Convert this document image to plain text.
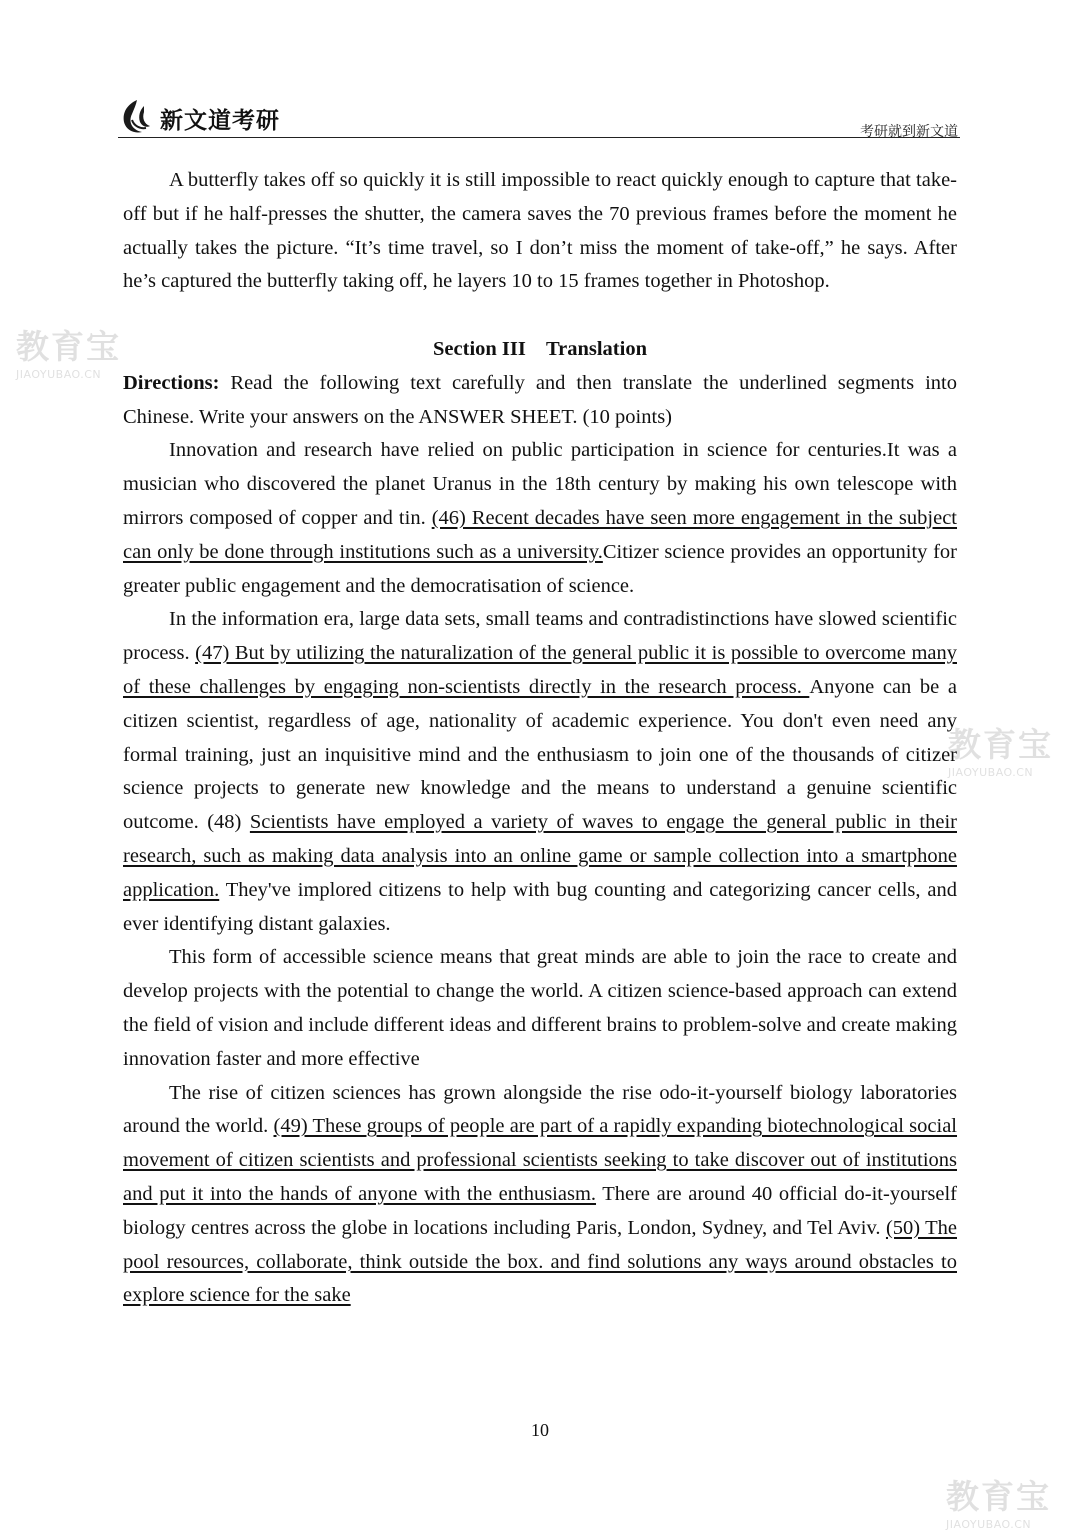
新文道考研	考研就到新文道
教育宝
JIAOYUBAO.CN
教育宝
JIAOYUBAO.CN
教育宝
JIAOYUBAO.CN

A butterfly takes off so quickly it is still impossible to react quickly enough to capture that take-off but if he half-presses the shutter, the camera saves the 70 previous frames before the moment he actually takes the picture. “It’s time travel, so I don’t miss the moment of take-off,” he says. After he’s captured the butterfly taking off, he layers 10 to 15 frames together in Photoshop.

Section III    Translation

Directions: Read the following text carefully and then translate the underlined segments into Chinese. Write your answers on the ANSWER SHEET. (10 points)

Innovation and research have relied on public participation in science for centuries.It was a musician who discovered the planet Uranus in the 18th century by making his own telescope with mirrors composed of copper and tin. (46) Recent decades have seen more engagement in the subject can only be done through institutions such as a university.Citizer science provides an opportunity for greater public engagement and the democratisation of science.

In the information era, large data sets, small teams and contradistinctions have slowed scientific process. (47) But by utilizing the naturalization of the general public it is possible to overcome many of these challenges by engaging non-scientists directly in the research process. Anyone can be a citizen scientist, regardless of age, nationality of academic experience. You don't even need any formal training, just an inquisitive mind and the enthusiasm to join one of the thousands of citizer science projects to generate new knowledge and the means to understand a genuine scientific outcome. (48) Scientists have employed a variety of waves to engage the general public in their research, such as making data analysis into an online game or sample collection into a smartphone application. They've implored citizens to help with bug counting and categorizing cancer cells, and ever identifying distant galaxies.

This form of accessible science means that great minds are able to join the race to create and develop projects with the potential to change the world. A citizen science-based approach can extend the field of vision and include different ideas and different brains to problem-solve and create making innovation faster and more effective

The rise of citizen sciences has grown alongside the rise odo-it-yourself biology laboratories around the world. (49) These groups of people are part of a rapidly expanding biotechnological social movement of citizen scientists and professional scientists seeking to take discover out of institutions and put it into the hands of anyone with the enthusiasm. There are around 40 official do-it-yourself biology centres across the globe in locations including Paris, London, Sydney, and Tel Aviv. (50) The pool resources, collaborate, think outside the box. and find solutions any ways around obstacles to explore science for the sake

10
